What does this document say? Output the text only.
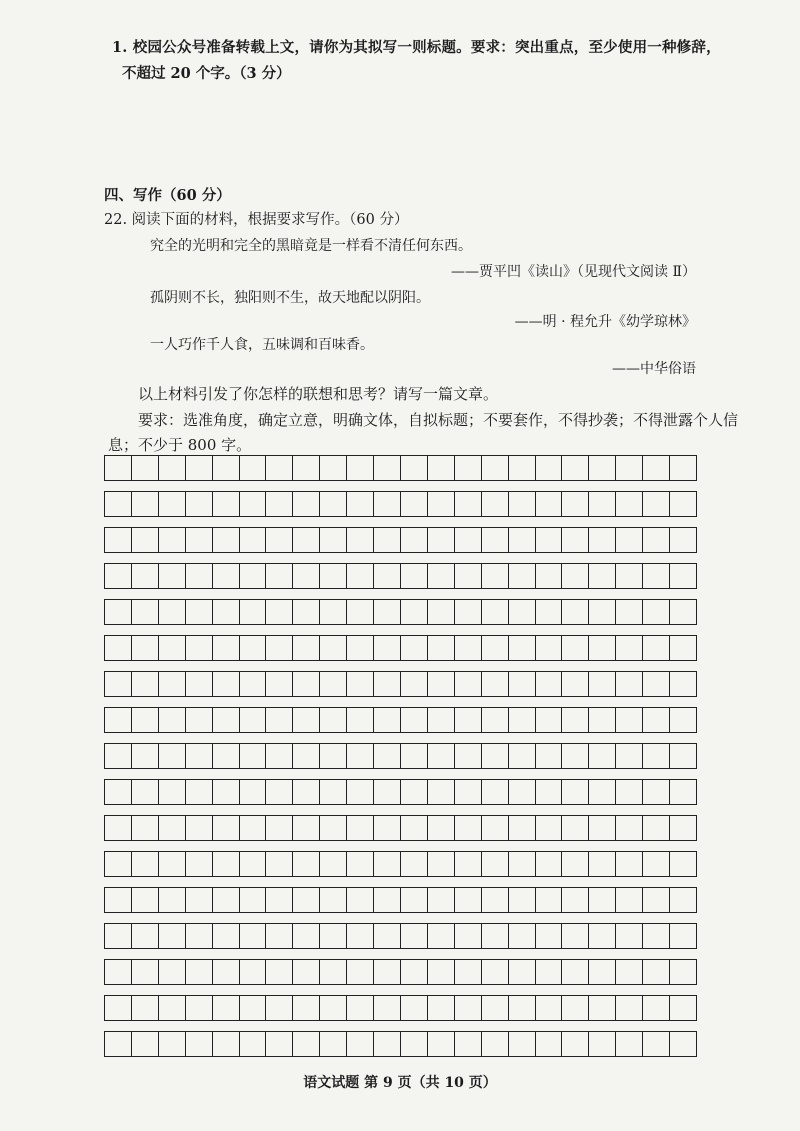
1. 校园公众号准备转载上文，请你为其拟写一则标题。要求：突出重点，至少使用一种修辞，
不超过 20 个字。（3 分）
四、写作（60 分）
22. 阅读下面的材料，根据要求写作。（60 分）
究全的光明和完全的黑暗竟是一样看不清任何东西。
——贾平凹《读山》（见现代文阅读 Ⅱ）
孤阴则不长，独阳则不生，故天地配以阴阳。
——明 · 程允升《幼学琼林》
一人巧作千人食，五味调和百味香。
——中华俗语
以上材料引发了你怎样的联想和思考？请写一篇文章。
要求：选准角度，确定立意，明确文体，自拟标题；不要套作，不得抄袭；不得泄露个人信
息；不少于 800 字。
语文试题 第 9 页（共 10 页）
